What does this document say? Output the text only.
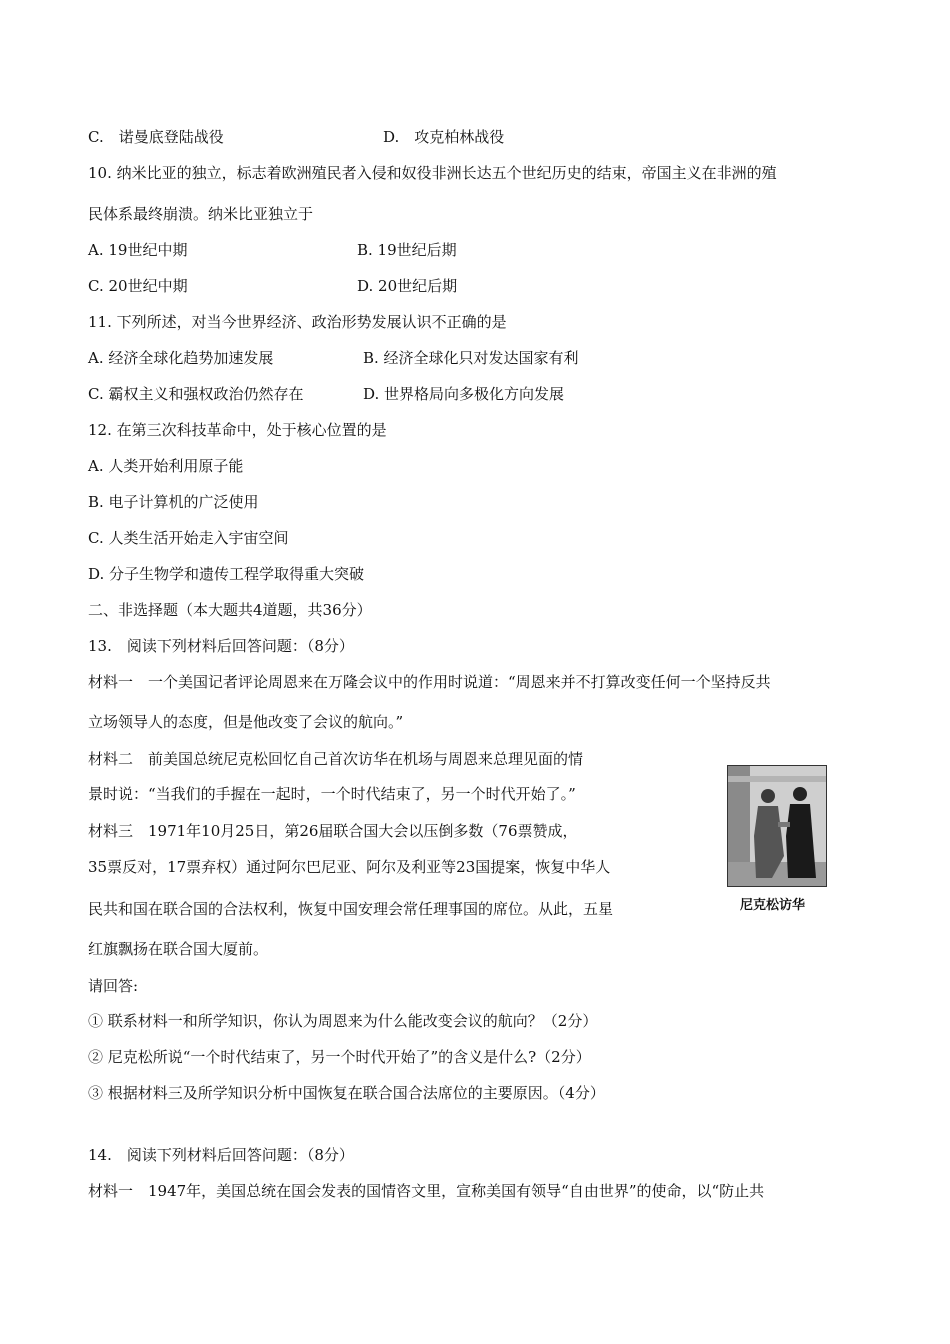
C.　诺曼底登陆战役	D.　攻克柏林战役
10. 纳米比亚的独立，标志着欧洲殖民者入侵和奴役非洲长达五个世纪历史的结束，帝国主义在非洲的殖
民体系最终崩溃。纳米比亚独立于
A. 19世纪中期	B. 19世纪后期
C. 20世纪中期	D. 20世纪后期
11. 下列所述，对当今世界经济、政治形势发展认识不正确的是
A. 经济全球化趋势加速发展	B. 经济全球化只对发达国家有利
C. 霸权主义和强权政治仍然存在	D. 世界格局向多极化方向发展
12. 在第三次科技革命中，处于核心位置的是
A. 人类开始利用原子能
B. 电子计算机的广泛使用
C. 人类生活开始走入宇宙空间
D. 分子生物学和遗传工程学取得重大突破
二、非选择题（本大题共4道题，共36分）
13.　阅读下列材料后回答问题：（8分）
材料一　一个美国记者评论周恩来在万隆会议中的作用时说道：“周恩来并不打算改变任何一个坚持反共
立场领导人的态度，但是他改变了会议的航向。”
材料二　前美国总统尼克松回忆自己首次访华在机场与周恩来总理见面的情
景时说：“当我们的手握在一起时，一个时代结束了，另一个时代开始了。”
材料三　1971年10月25日，第26届联合国大会以压倒多数（76票赞成，
35票反对，17票弃权）通过阿尔巴尼亚、阿尔及利亚等23国提案，恢复中华人
民共和国在联合国的合法权利，恢复中国安理会常任理事国的席位。从此，五星
红旗飘扬在联合国大厦前。
尼克松访华
请回答:
① 联系材料一和所学知识，你认为周恩来为什么能改变会议的航向？（2分）
② 尼克松所说“一个时代结束了，另一个时代开始了”的含义是什么?（2分）
③ 根据材料三及所学知识分析中国恢复在联合国合法席位的主要原因。（4分）
14.　阅读下列材料后回答问题：（8分）
材料一　1947年，美国总统在国会发表的国情咨文里，宣称美国有领导“自由世界”的使命，以“防止共
